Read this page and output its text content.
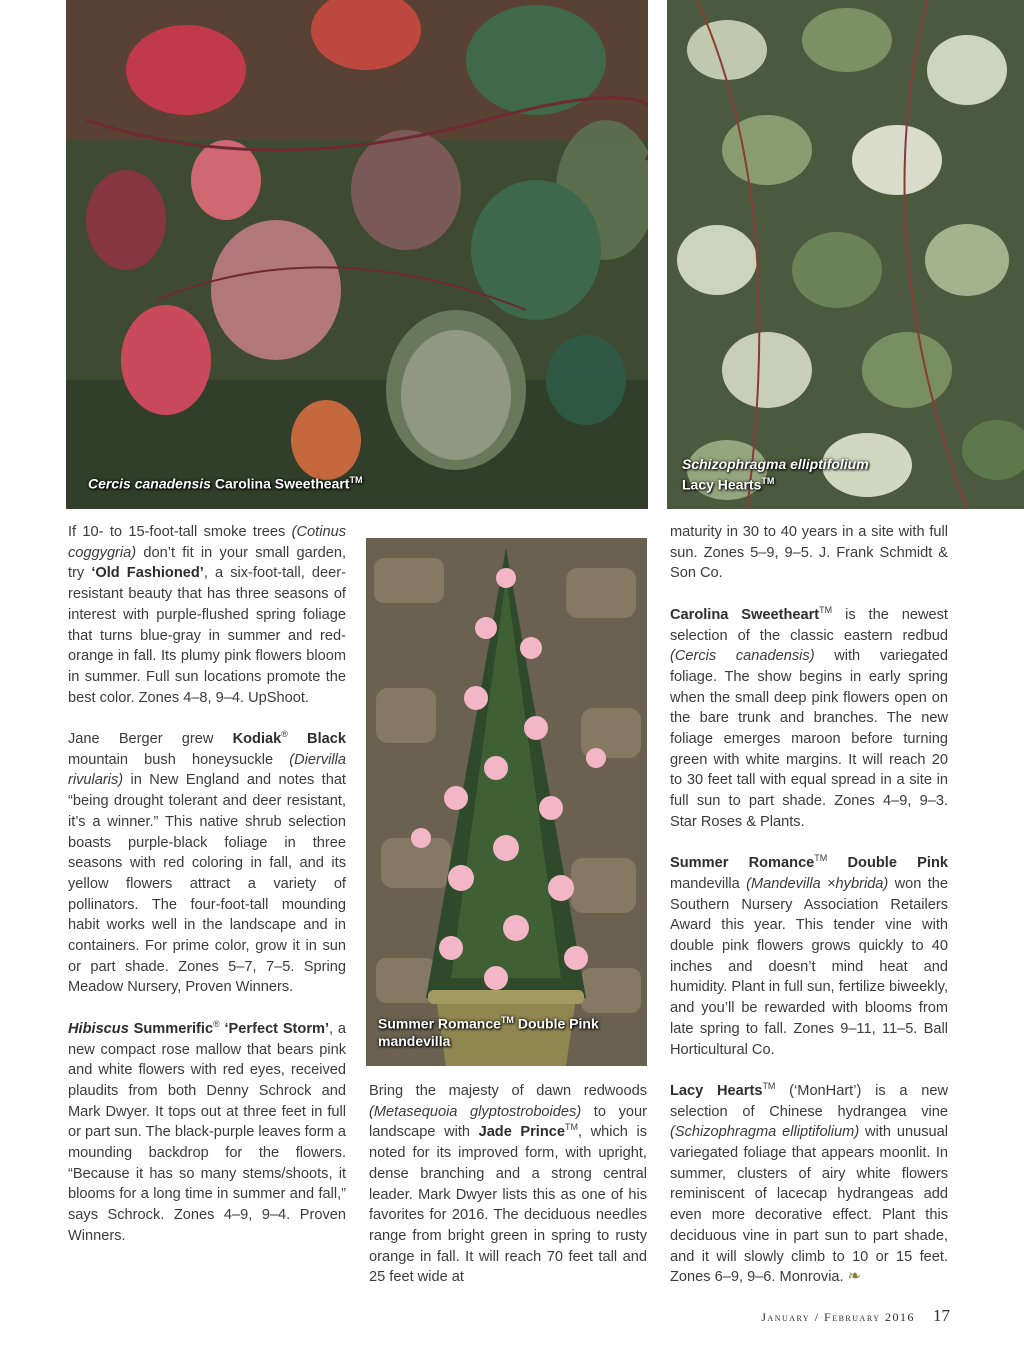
Cercis canadensis Carolina Sweetheart™
Schizophragma elliptifolium
Lacy Hearts™
Summer Romance™ Double Pink
mandevilla

If 10- to 15-foot-tall smoke trees (Cotinus coggygria) don’t fit in your small garden, try ‘Old Fashioned’, a six-foot-tall, deer-resistant beauty that has three seasons of interest with purple-flushed spring foliage that turns blue-gray in summer and red-orange in fall. Its plumy pink flowers bloom in summer. Full sun locations promote the best color. Zones 4–8, 9–4. UpShoot.

Jane Berger grew Kodiak® Black mountain bush honeysuckle (Diervilla rivularis) in New England and notes that “being drought tolerant and deer resistant, it’s a winner.” This native shrub selection boasts purple-black foliage in three seasons with red coloring in fall, and its yellow flowers attract a variety of pollinators. The four-foot-tall mounding habit works well in the landscape and in containers. For prime color, grow it in sun or part shade. Zones 5–7, 7–5. Spring Meadow Nursery, Proven Winners.

Hibiscus Summerific® ‘Perfect Storm’, a new compact rose mallow that bears pink and white flowers with red eyes, received plaudits from both Denny Schrock and Mark Dwyer. It tops out at three feet in full or part sun. The black-purple leaves form a mounding backdrop for the flowers. “Because it has so many stems/shoots, it blooms for a long time in summer and fall,” says Schrock. Zones 4–9, 9–4. Proven Winners.

Bring the majesty of dawn redwoods (Metasequoia glyptostroboides) to your landscape with Jade Prince™, which is noted for its improved form, with upright, dense branching and a strong central leader. Mark Dwyer lists this as one of his favorites for 2016. The deciduous needles range from bright green in spring to rusty orange in fall. It will reach 70 feet tall and 25 feet wide at

maturity in 30 to 40 years in a site with full sun. Zones 5–9, 9–5. J. Frank Schmidt & Son Co.

Carolina Sweetheart™ is the newest selection of the classic eastern redbud (Cercis canadensis) with variegated foliage. The show begins in early spring when the small deep pink flowers open on the bare trunk and branches. The new foliage emerges maroon before turning green with white margins. It will reach 20 to 30 feet tall with equal spread in a site in full sun to part shade. Zones 4–9, 9–3. Star Roses & Plants.

Summer Romance™ Double Pink mandevilla (Mandevilla ×hybrida) won the Southern Nursery Association Retailers Award this year. This tender vine with double pink flowers grows quickly to 40 inches and doesn’t mind heat and humidity. Plant in full sun, fertilize biweekly, and you’ll be rewarded with blooms from late spring to fall. Zones 9–11, 11–5. Ball Horticultural Co.

Lacy Hearts™ (‘MonHart’) is a new selection of Chinese hydrangea vine (Schizophragma elliptifolium) with unusual variegated foliage that appears moonlit. In summer, clusters of airy white flowers reminiscent of lacecap hydrangeas add even more decorative effect. Plant this deciduous vine in part sun to part shade, and it will slowly climb to 10 or 15 feet. Zones 6–9, 9–6. Monrovia. ❧

January / February 2016 17
